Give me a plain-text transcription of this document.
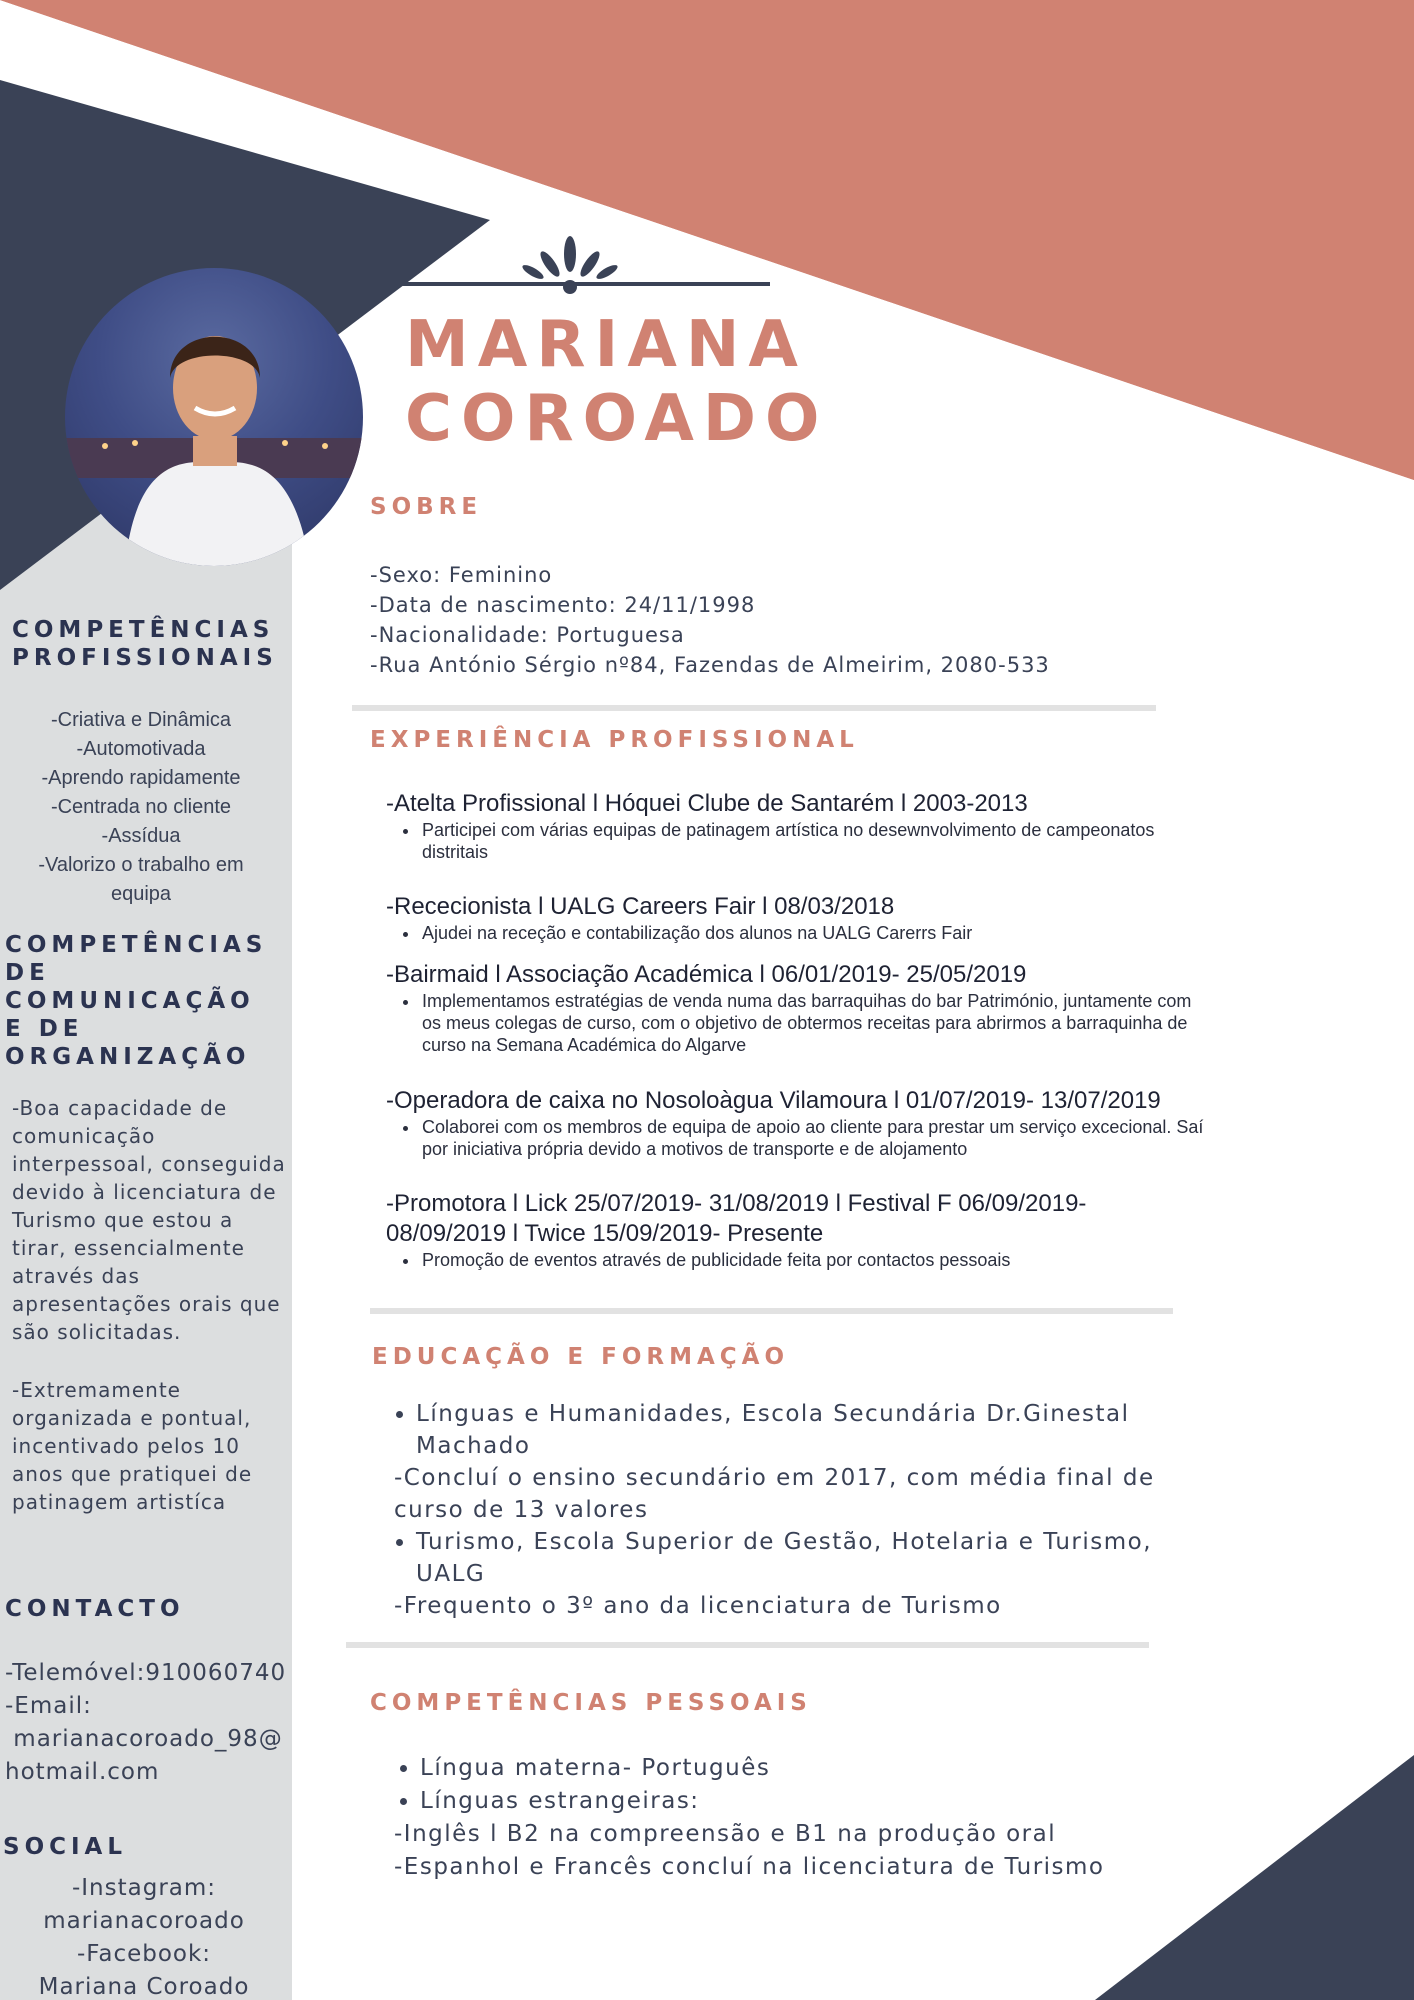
MARIANA
COROADO
SOBRE
-Sexo: Feminino
-Data de nascimento: 24/11/1998
-Nacionalidade: Portuguesa
-Rua António Sérgio nº84, Fazendas de Almeirim, 2080-533
EXPERIÊNCIA PROFISSIONAL
-Atelta Profissional l Hóquei Clube de Santarém l 2003-2013
• Participei com várias equipas de patinagem artística no desewnvolvimento de campeonatos distritais
-Rececionista l UALG Careers Fair l 08/03/2018
• Ajudei na receção e contabilização dos alunos na UALG Carerrs Fair
-Bairmaid l Associação Académica l 06/01/2019- 25/05/2019
• Implementamos estratégias de venda numa das barraquihas do bar Património, juntamente com os meus colegas de curso, com o objetivo de obtermos receitas para abrirmos a barraquinha de curso na Semana Académica do Algarve
-Operadora de caixa no Nosoloàgua Vilamoura l 01/07/2019- 13/07/2019
• Colaborei com os membros de equipa de apoio ao cliente para prestar um serviço excecional. Saí por iniciativa própria devido a motivos de transporte e de alojamento
-Promotora l Lick 25/07/2019- 31/08/2019 l Festival F 06/09/2019- 08/09/2019 l Twice 15/09/2019- Presente
• Promoção de eventos através de publicidade feita por contactos pessoais
EDUCAÇÃO E FORMAÇÃO
• Línguas e Humanidades, Escola Secundária Dr.Ginestal Machado
-Concluí o ensino secundário em 2017, com média final de curso de 13 valores
• Turismo, Escola Superior de Gestão, Hotelaria e Turismo, UALG
-Frequento o 3º ano da licenciatura de Turismo
COMPETÊNCIAS PESSOAIS
• Língua materna- Português
• Línguas estrangeiras:
-Inglês l B2 na compreensão e B1 na produção oral
-Espanhol e Francês concluí na licenciatura de Turismo
COMPETÊNCIAS
PROFISSIONAIS
-Criativa e Dinâmica
-Automotivada
-Aprendo rapidamente
-Centrada no cliente
-Assídua
-Valorizo o trabalho em
equipa
COMPETÊNCIAS
DE
COMUNICAÇÃO
E DE
ORGANIZAÇÃO
-Boa capacidade de
comunicação
interpessoal, conseguida
devido à licenciatura de
Turismo que estou a
tirar, essencialmente
através das
apresentações orais que
são solicitadas.
-Extremamente
organizada e pontual,
incentivado pelos 10
anos que pratiquei de
patinagem artistíca
CONTACTO
-Telemóvel:910060740
-Email:
marianacoroado_98@
hotmail.com
SOCIAL
-Instagram:
marianacoroado
-Facebook:
Mariana Coroado
